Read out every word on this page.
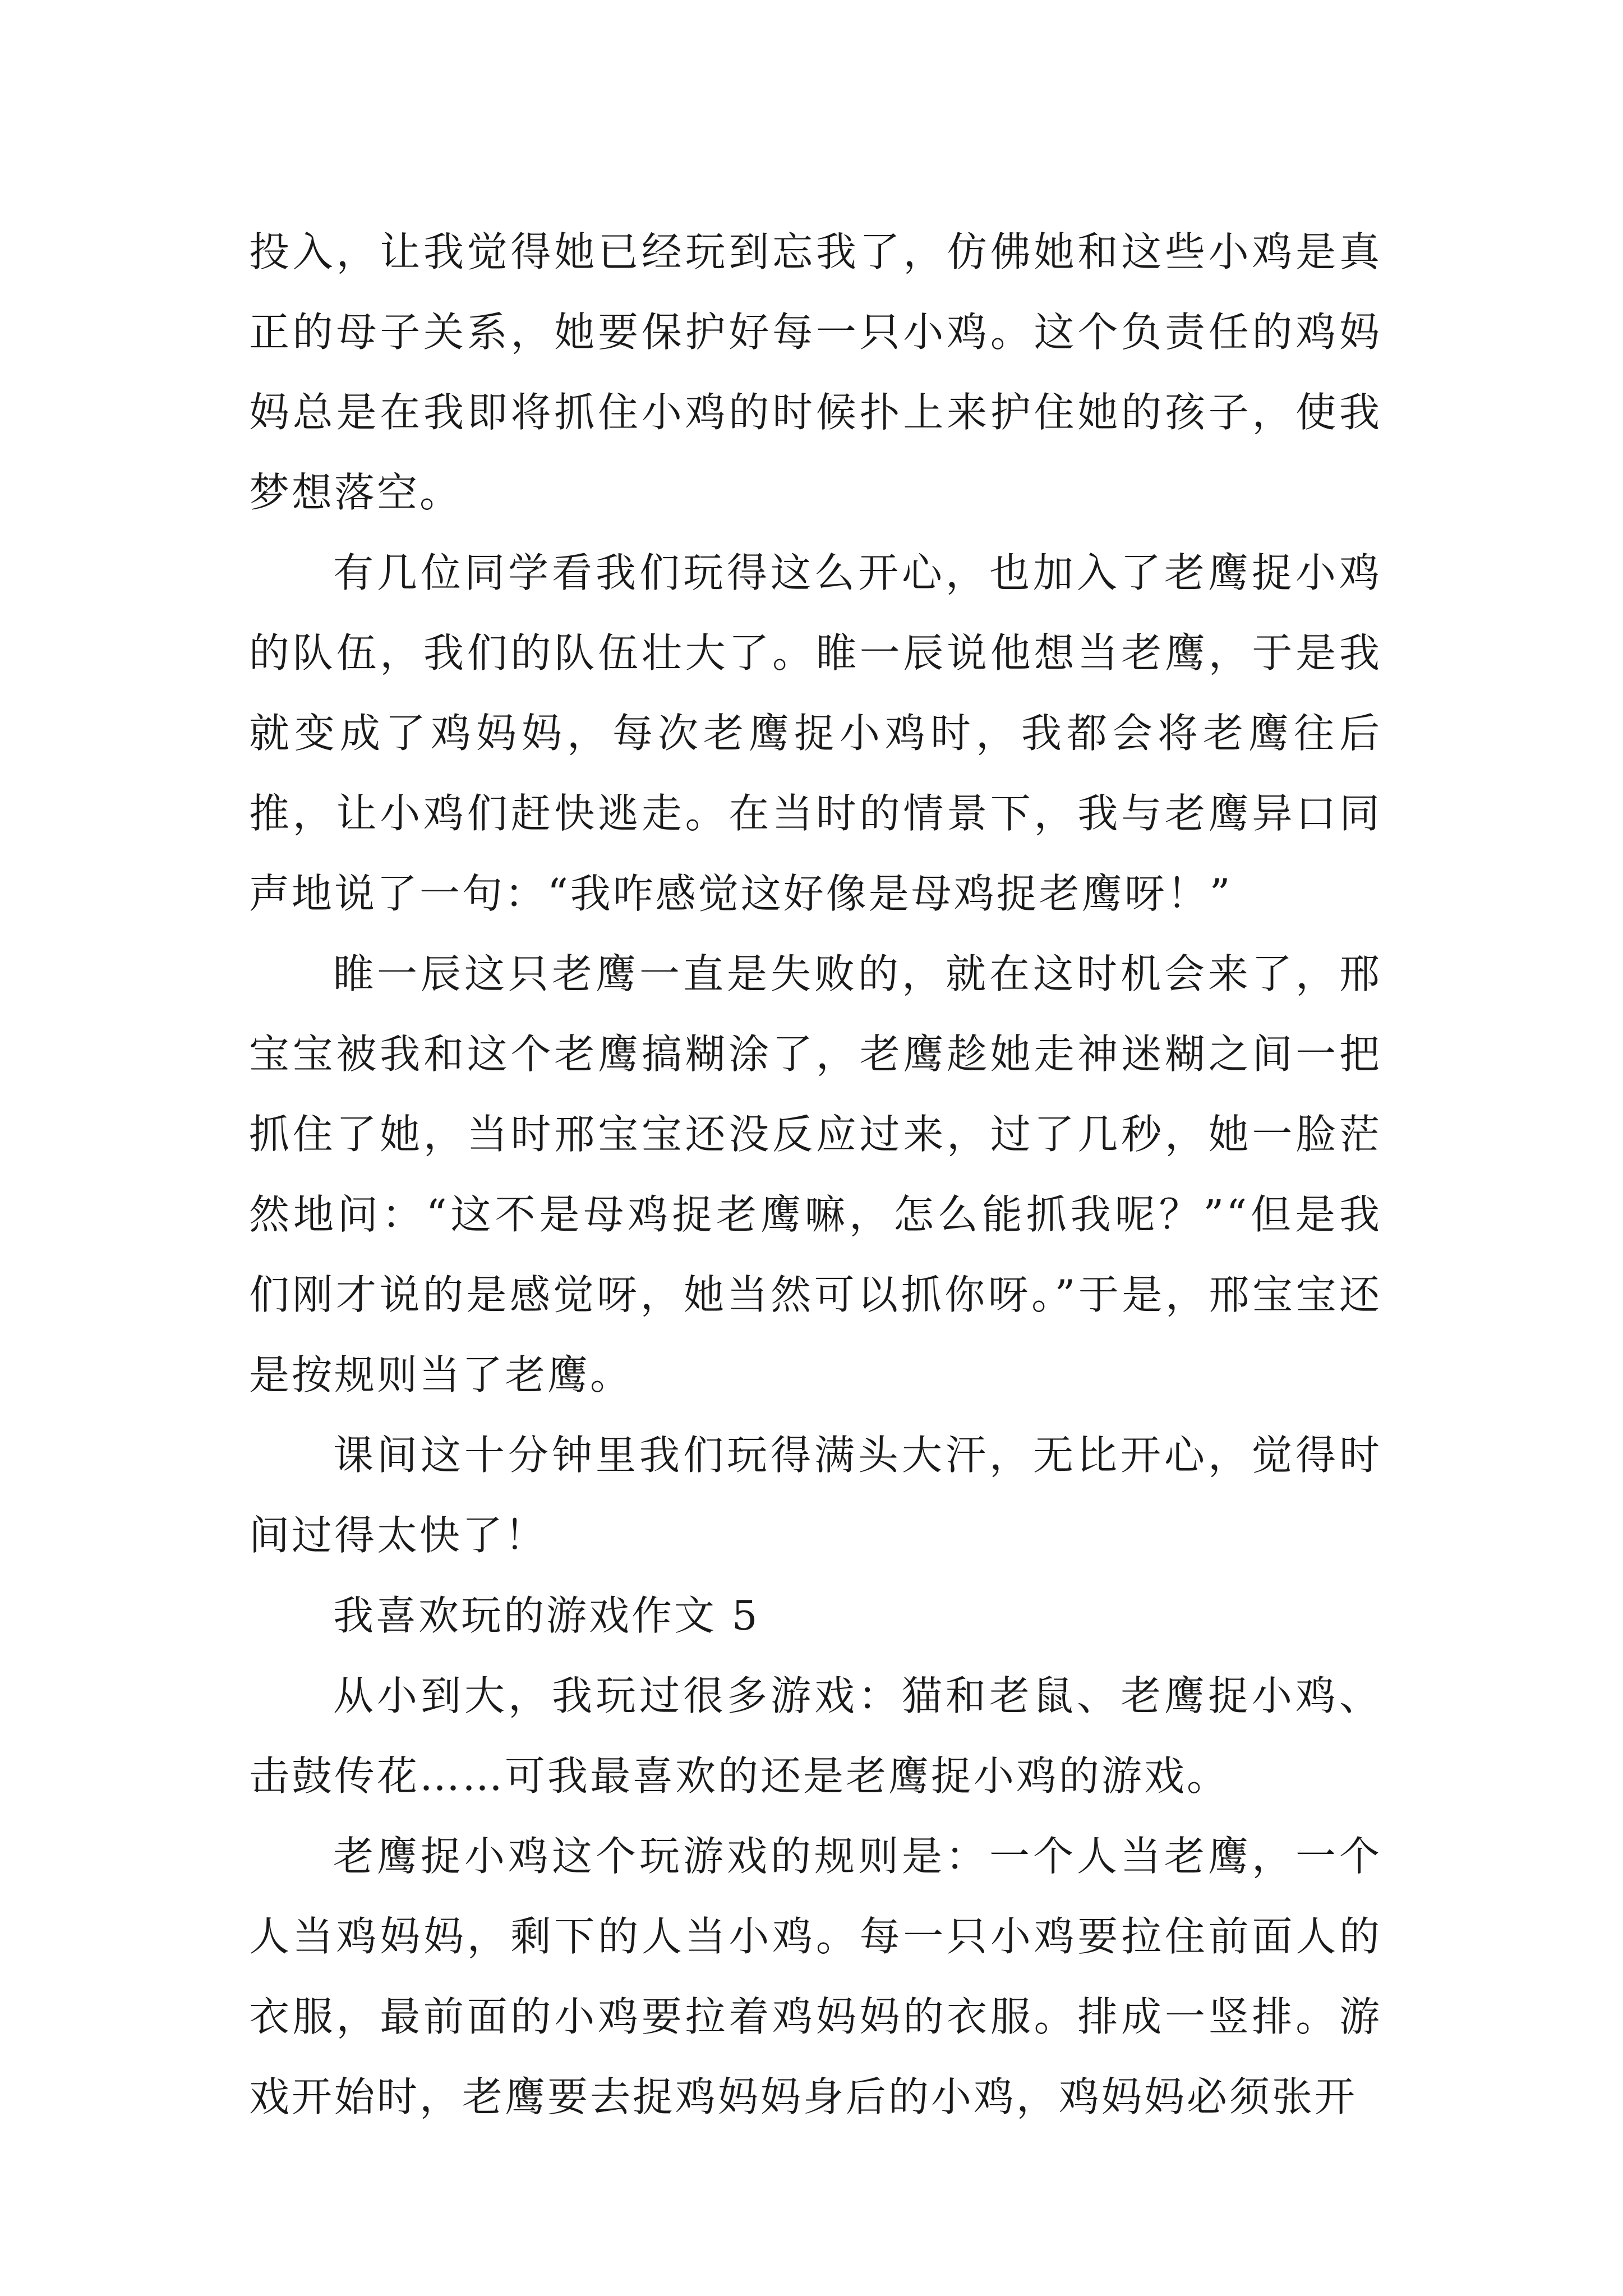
投入，让我觉得她已经玩到忘我了，仿佛她和这些小鸡是真正的母子关系，她要保护好每一只小鸡。这个负责任的鸡妈妈总是在我即将抓住小鸡的时候扑上来护住她的孩子，使我梦想落空。

有几位同学看我们玩得这么开心，也加入了老鹰捉小鸡的队伍，我们的队伍壮大了。睢一辰说他想当老鹰，于是我就变成了鸡妈妈，每次老鹰捉小鸡时，我都会将老鹰往后推，让小鸡们赶快逃走。在当时的情景下，我与老鹰异口同声地说了一句：“我咋感觉这好像是母鸡捉老鹰呀！”

睢一辰这只老鹰一直是失败的，就在这时机会来了，邢宝宝被我和这个老鹰搞糊涂了，老鹰趁她走神迷糊之间一把抓住了她，当时邢宝宝还没反应过来，过了几秒，她一脸茫然地问：“这不是母鸡捉老鹰嘛，怎么能抓我呢？”“但是我们刚才说的是感觉呀，她当然可以抓你呀。”于是，邢宝宝还是按规则当了老鹰。

课间这十分钟里我们玩得满头大汗，无比开心，觉得时间过得太快了！

我喜欢玩的游戏作文 5

从小到大，我玩过很多游戏：猫和老鼠、老鹰捉小鸡、击鼓传花……可我最喜欢的还是老鹰捉小鸡的游戏。

老鹰捉小鸡这个玩游戏的规则是：一个人当老鹰，一个人当鸡妈妈，剩下的人当小鸡。每一只小鸡要拉住前面人的衣服，最前面的小鸡要拉着鸡妈妈的衣服。排成一竖排。游戏开始时，老鹰要去捉鸡妈妈身后的小鸡，鸡妈妈必须张开
